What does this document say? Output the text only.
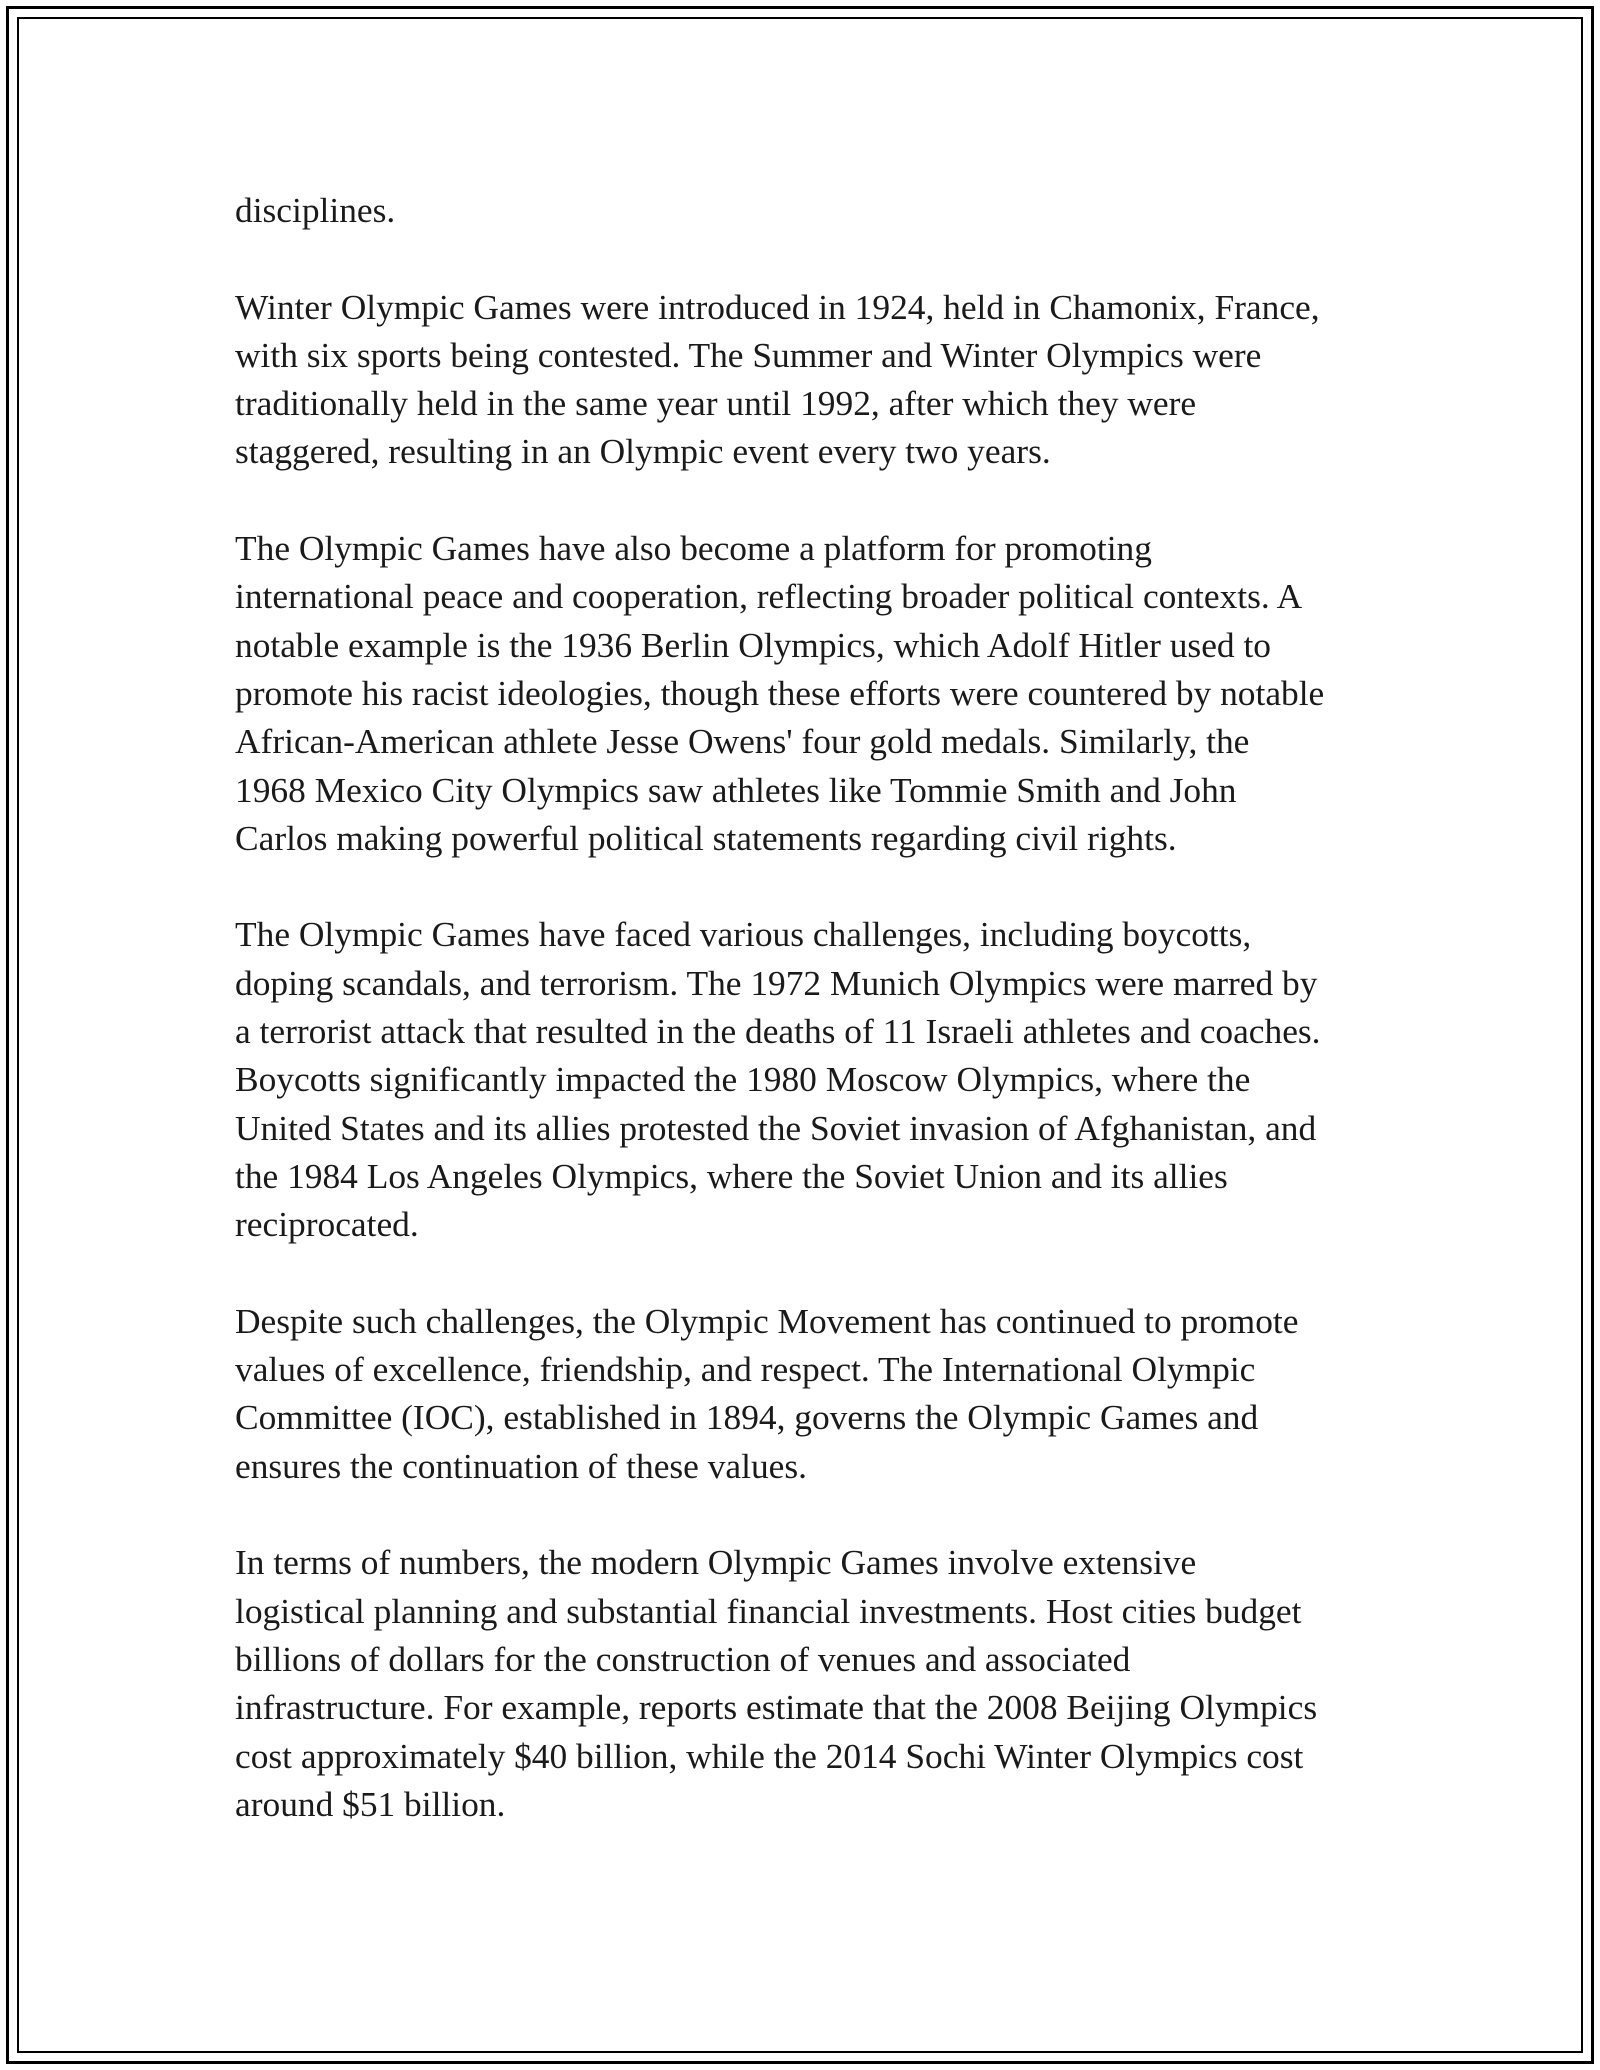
disciplines.

Winter Olympic Games were introduced in 1924, held in Chamonix, France,
with six sports being contested. The Summer and Winter Olympics were
traditionally held in the same year until 1992, after which they were
staggered, resulting in an Olympic event every two years.

The Olympic Games have also become a platform for promoting
international peace and cooperation, reflecting broader political contexts. A
notable example is the 1936 Berlin Olympics, which Adolf Hitler used to
promote his racist ideologies, though these efforts were countered by notable
African-American athlete Jesse Owens' four gold medals. Similarly, the
1968 Mexico City Olympics saw athletes like Tommie Smith and John
Carlos making powerful political statements regarding civil rights.

The Olympic Games have faced various challenges, including boycotts,
doping scandals, and terrorism. The 1972 Munich Olympics were marred by
a terrorist attack that resulted in the deaths of 11 Israeli athletes and coaches.
Boycotts significantly impacted the 1980 Moscow Olympics, where the
United States and its allies protested the Soviet invasion of Afghanistan, and
the 1984 Los Angeles Olympics, where the Soviet Union and its allies
reciprocated.

Despite such challenges, the Olympic Movement has continued to promote
values of excellence, friendship, and respect. The International Olympic
Committee (IOC), established in 1894, governs the Olympic Games and
ensures the continuation of these values.

In terms of numbers, the modern Olympic Games involve extensive
logistical planning and substantial financial investments. Host cities budget
billions of dollars for the construction of venues and associated
infrastructure. For example, reports estimate that the 2008 Beijing Olympics
cost approximately $40 billion, while the 2014 Sochi Winter Olympics cost
around $51 billion.
